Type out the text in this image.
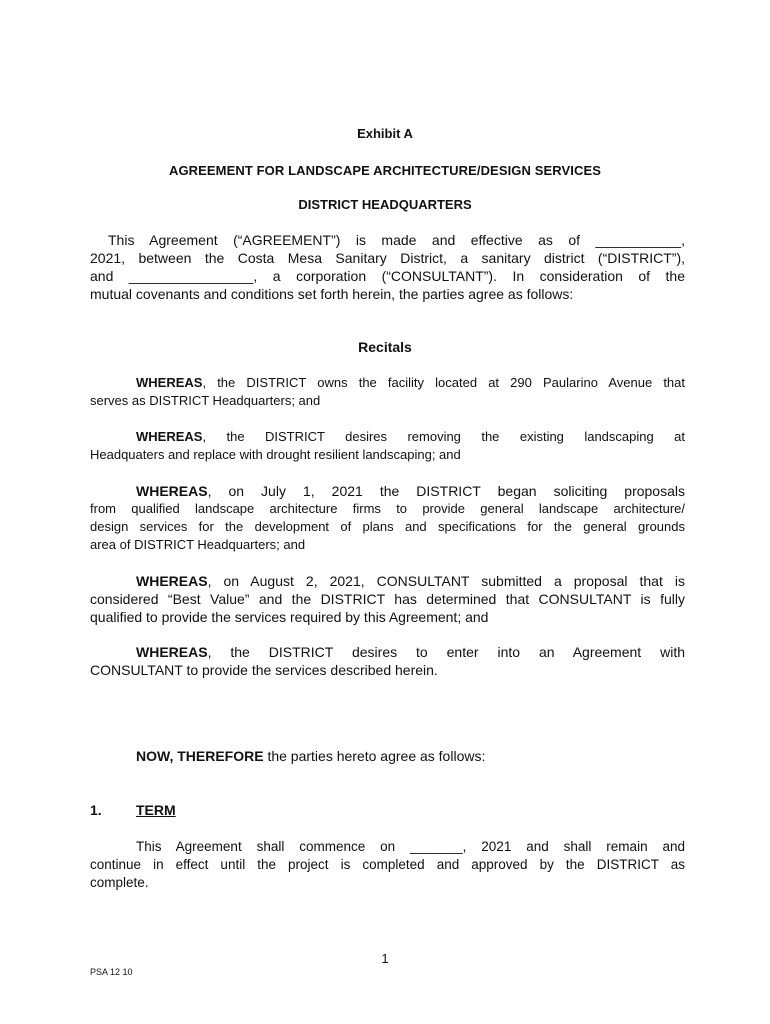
Exhibit A
AGREEMENT FOR LANDSCAPE ARCHITECTURE/DESIGN SERVICES
DISTRICT HEADQUARTERS
This Agreement (“AGREEMENT”) is made and effective as of ___________,
2021, between the Costa Mesa Sanitary District, a sanitary district (“DISTRICT”),
and ________________, a corporation (“CONSULTANT”). In consideration of the
mutual covenants and conditions set forth herein, the parties agree as follows:
Recitals
WHEREAS, the DISTRICT owns the facility located at 290 Paularino Avenue that
serves as DISTRICT Headquarters; and
WHEREAS, the DISTRICT desires removing the existing landscaping at
Headquaters and replace with drought resilient landscaping; and
WHEREAS, on July 1, 2021 the DISTRICT began soliciting proposals
from qualified landscape architecture firms to provide general landscape architecture/
design services for the development of plans and specifications for the general grounds
area of DISTRICT Headquarters; and
WHEREAS, on August 2, 2021, CONSULTANT submitted a proposal that is
considered “Best Value” and the DISTRICT has determined that CONSULTANT is fully
qualified to provide the services required by this Agreement; and
WHEREAS, the DISTRICT desires to enter into an Agreement with
CONSULTANT to provide the services described herein.
NOW, THEREFORE the parties hereto agree as follows:
1. TERM
This Agreement shall commence on _______, 2021 and shall remain and
continue in effect until the project is completed and approved by the DISTRICT as
complete.
1
PSA 12 10
